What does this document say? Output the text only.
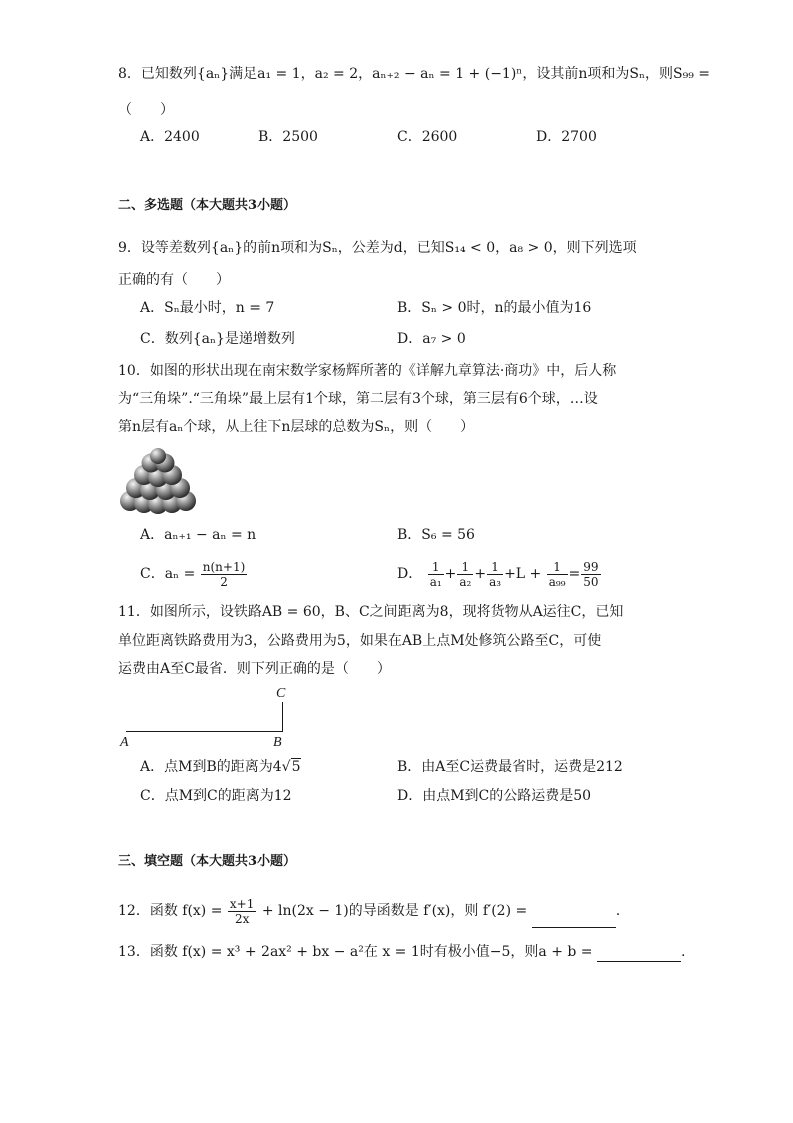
8．已知数列{aₙ}满足a₁ = 1，a₂ = 2，aₙ₊₂ − aₙ = 1 + (−1)ⁿ，设其前n项和为Sₙ，则S₉₉ =
（　　）
A．2400	B．2500	C．2600	D．2700
二、多选题（本大题共3小题）
9．设等差数列{aₙ}的前n项和为Sₙ，公差为d，已知S₁₄ < 0，a₈ > 0，则下列选项
正确的有（　　）
A．Sₙ最小时，n = 7	B．Sₙ > 0时，n的最小值为16
C．数列{aₙ}是递增数列	D．a₇ > 0
10．如图的形状出现在南宋数学家杨辉所著的《详解九章算法·商功》中，后人称
为“三角垛”.“三角垛”最上层有1个球，第二层有3个球，第三层有6个球，…设
第n层有aₙ个球，从上往下n层球的总数为Sₙ，则（　　）
A．aₙ₊₁ − aₙ = n	B．S₆ = 56
C．$a_n = \frac{n(n+1)}{2}$	D． $\frac{1}{\text{a₁}} + \frac{1}{\text{a₂}} + \frac{1}{\text{a₃}} +L + \frac{1}{\text{a₉₉}} = \frac{99}{50}$
11．如图所示，设铁路AB = 60，B、C之间距离为8，现将货物从A运往C，已知
单位距离铁路费用为3，公路费用为5，如果在AB上点M处修筑公路至C，可使
运费由A至C最省．则下列正确的是（　　）
A	B
C
A．点M到B的距离为4√5	B．由A至C运费最省时，运费是212
C．点M到C的距离为12	D．由点M到C的公路运费是50
三、填空题（本大题共3小题）
12．函数 $f(x) = \frac{x+1}{2x} + \ln(2x - 1)$的导函数是 f′(x)，则 f′(2) =	.
13．函数 f(x) = x³ + 2ax² + bx − a²在 x = 1时有极小值−5，则a + b =	.
